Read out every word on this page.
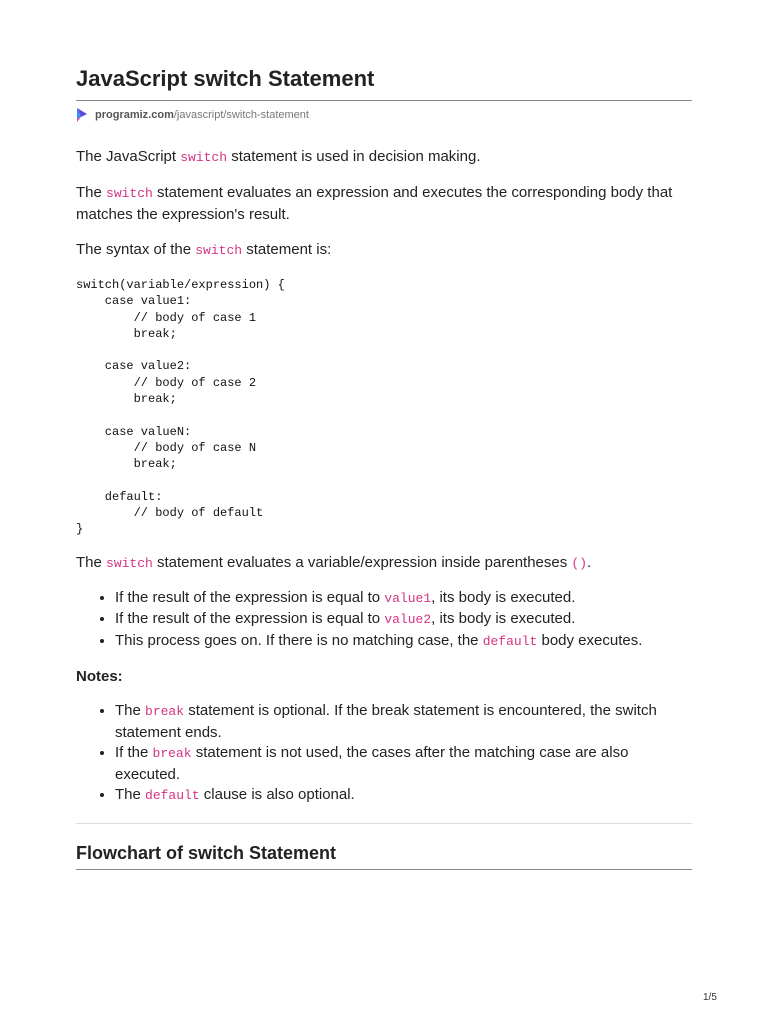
JavaScript switch Statement
programiz.com/javascript/switch-statement

The JavaScript switch statement is used in decision making.

The switch statement evaluates an expression and executes the corresponding body that matches the expression's result.

The syntax of the switch statement is:

switch(variable/expression) {
case value1:
// body of case 1
break;

case value2:
// body of case 2
break;

case valueN:
// body of case N
break;

default:
// body of default
}

The switch statement evaluates a variable/expression inside parentheses ().

• If the result of the expression is equal to value1, its body is executed.
• If the result of the expression is equal to value2, its body is executed.
• This process goes on. If there is no matching case, the default body executes.

Notes:

• The break statement is optional. If the break statement is encountered, the switch statement ends.
• If the break statement is not used, the cases after the matching case are also executed.
• The default clause is also optional.
Flowchart of switch Statement
1/5
